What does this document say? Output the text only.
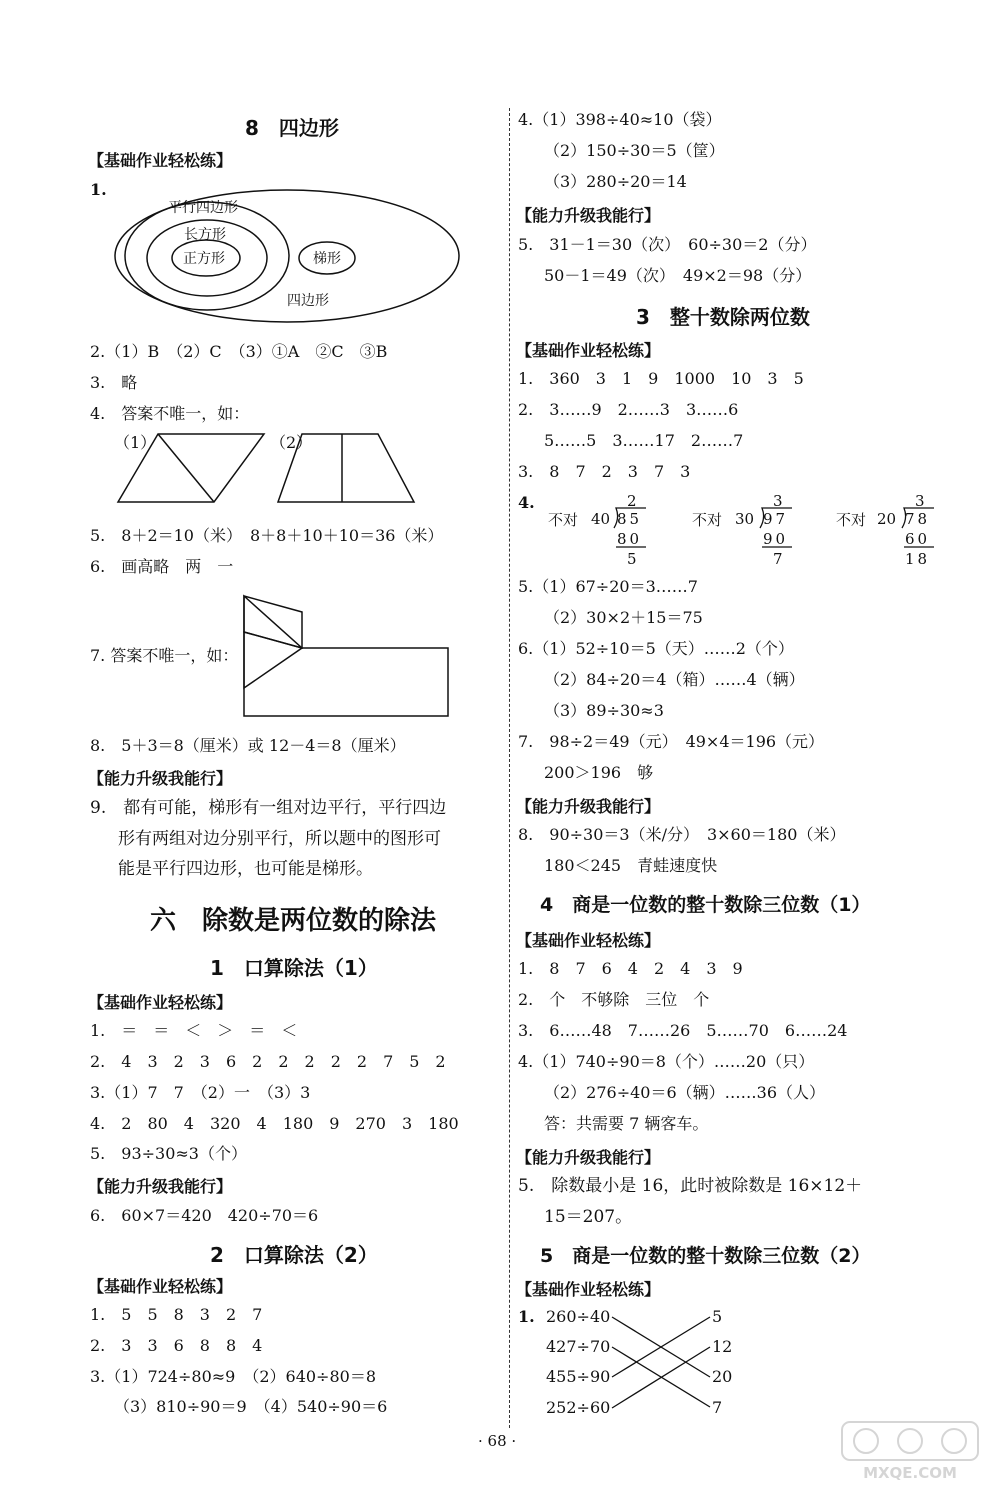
8　四边形
【基础作业轻松练】
1.
平行四边形
长方形
正方形	梯形
四边形
2.（1）B　（2）C　（3）①A　②C　③B
3.　略
4.　答案不唯一，如：
（1）	（2）
5.　8＋2＝10（米）　8＋8＋10＋10＝36（米）
6.　画高略　两　一
7. 答案不唯一，如：
8.　5＋3＝8（厘米）或 12－4＝8（厘米）
【能力升级我能行】
9.　都有可能，梯形有一组对边平行，平行四边
形有两组对边分别平行，所以题中的图形可
能是平行四边形，也可能是梯形。
六　除数是两位数的除法
1　口算除法（1）
【基础作业轻松练】
1.　＝　＝　＜　＞　＝　＜
2.　4　3　2　3　6　2　2　2　2　2　7　5　2
3.（1）7　7　（2）一　（3）3
4.　2　80　4　320　4　180　9　270　3　180
5.　93÷30≈3（个）
【能力升级我能行】
6.　60×7＝420　420÷70＝6
2　口算除法（2）
【基础作业轻松练】
1.　5　5　8　3　2　7
2.　3　3　6　8　8　4
3.（1）724÷80≈9　（2）640÷80＝8
（3）810÷90＝9　（4）540÷90＝6
4.（1）398÷40≈10（袋）
（2）150÷30＝5（筐）
（3）280÷20＝14
【能力升级我能行】
5.　31－1＝30（次）　60÷30＝2（分）
50－1＝49（次）　49×2＝98（分）
3　整十数除两位数
【基础作业轻松练】
1.　360　3　1　9　1000　10　3　5
2.　3……9　2……3　3……6
5……5　3……17　2……7
3.　8　7　2　3　7　3
4.
不对 40
2
85
80
5
不对 30
3
97
90
7
不对 20
3
78
60
18
5.（1）67÷20＝3……7
（2）30×2＋15＝75
6.（1）52÷10＝5（天）……2（个）
（2）84÷20＝4（箱）……4（辆）
（3）89÷30≈3
7.　98÷2＝49（元）　49×4＝196（元）
200＞196　够
【能力升级我能行】
8.　90÷30＝3（米/分）　3×60＝180（米）
180＜245　青蛙速度快
4　商是一位数的整十数除三位数（1）
【基础作业轻松练】
1.　8　7　6　4　2　4　3　9
2.　个　不够除　三位　个
3.　6……48　7……26　5……70　6……24
4.（1）740÷90＝8（个）……20（只）
（2）276÷40＝6（辆）……36（人）
答：共需要 7 辆客车。
【能力升级我能行】
5.　除数最小是 16，此时被除数是 16×12＋
15＝207。
5　商是一位数的整十数除三位数（2）
【基础作业轻松练】
1. 260÷40
427÷70
455÷90
252÷60
5
12
20
7
· 68 ·
MXQE.COM
